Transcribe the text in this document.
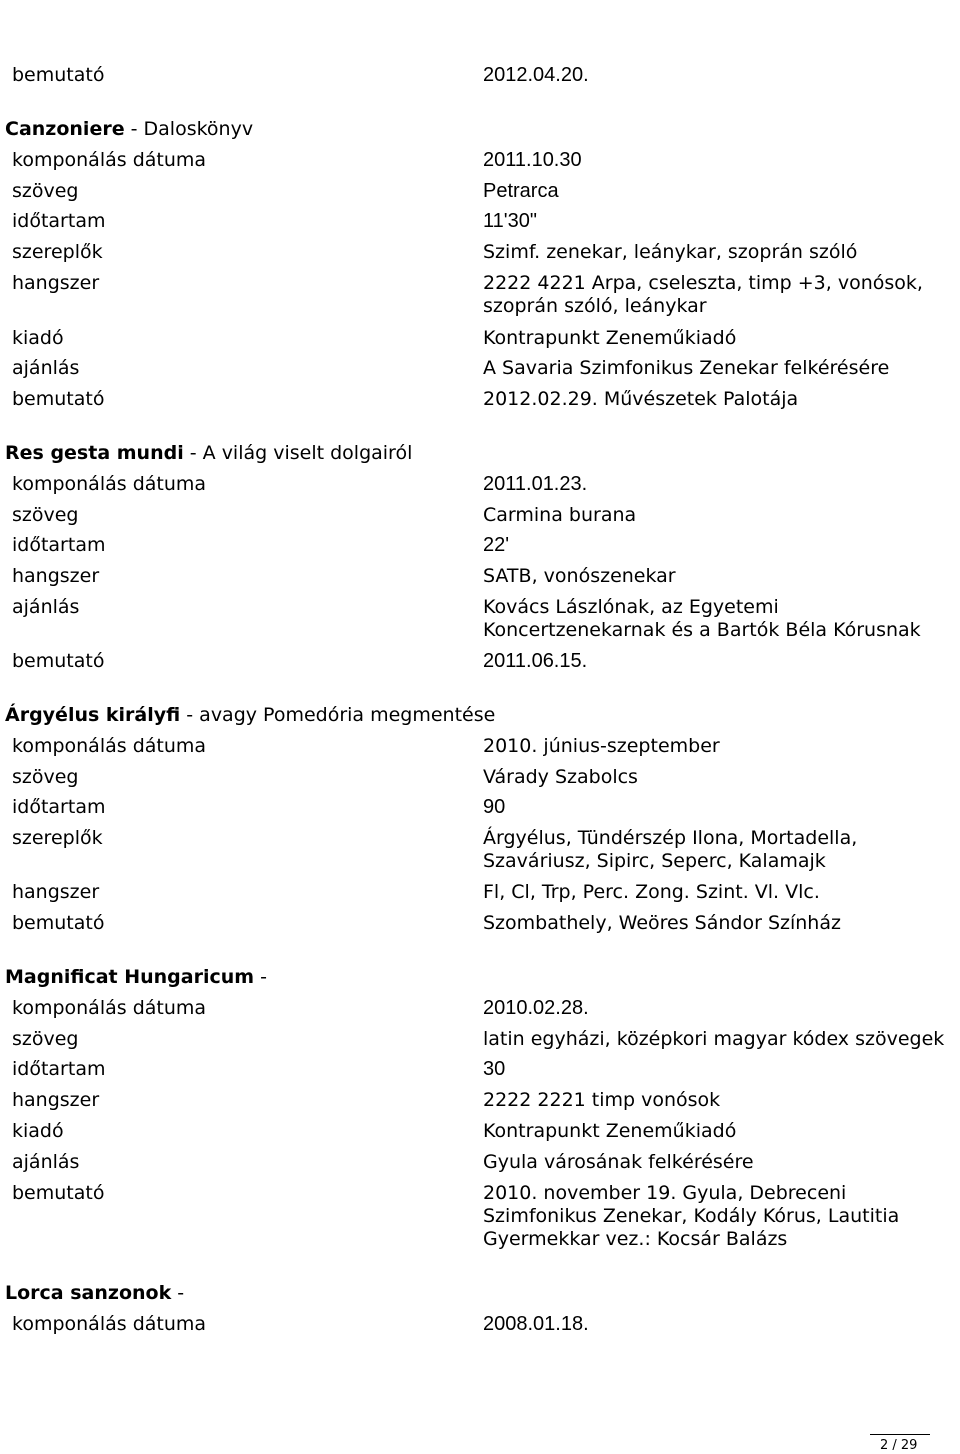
bemutató	2012.04.20.
Canzoniere - Daloskönyv
komponálás dátuma	2011.10.30
szöveg	Petrarca
időtartam	11'30"
szereplők	Szimf. zenekar, leánykar, szoprán szóló
hangszer	2222 4221 Arpa, cseleszta, timp +3, vonósok,
szoprán szóló, leánykar
kiadó	Kontrapunkt Zeneműkiadó
ajánlás	A Savaria Szimfonikus Zenekar felkérésére
bemutató	2012.02.29. Művészetek Palotája
Res gesta mundi - A világ viselt dolgairól
komponálás dátuma	2011.01.23.
szöveg	Carmina burana
időtartam	22'
hangszer	SATB, vonószenekar
ajánlás	Kovács Lászlónak, az Egyetemi
Koncertzenekarnak és a Bartók Béla Kórusnak
bemutató	2011.06.15.
Árgyélus királyfi - avagy Pomedória megmentése
komponálás dátuma	2010. június-szeptember
szöveg	Várady Szabolcs
időtartam	90
szereplők	Árgyélus, Tündérszép Ilona, Mortadella,
Szaváriusz, Sipirc, Seperc, Kalamajk
hangszer	Fl, Cl, Trp, Perc. Zong. Szint. Vl. Vlc.
bemutató	Szombathely, Weöres Sándor Színház
Magnificat Hungaricum -
komponálás dátuma	2010.02.28.
szöveg	latin egyházi, középkori magyar kódex szövegek
időtartam	30
hangszer	2222 2221 timp vonósok
kiadó	Kontrapunkt Zeneműkiadó
ajánlás	Gyula városának felkérésére
bemutató	2010. november 19. Gyula, Debreceni
Szimfonikus Zenekar, Kodály Kórus, Lautitia
Gyermekkar vez.: Kocsár Balázs
Lorca sanzonok -
komponálás dátuma	2008.01.18.
2 / 29
